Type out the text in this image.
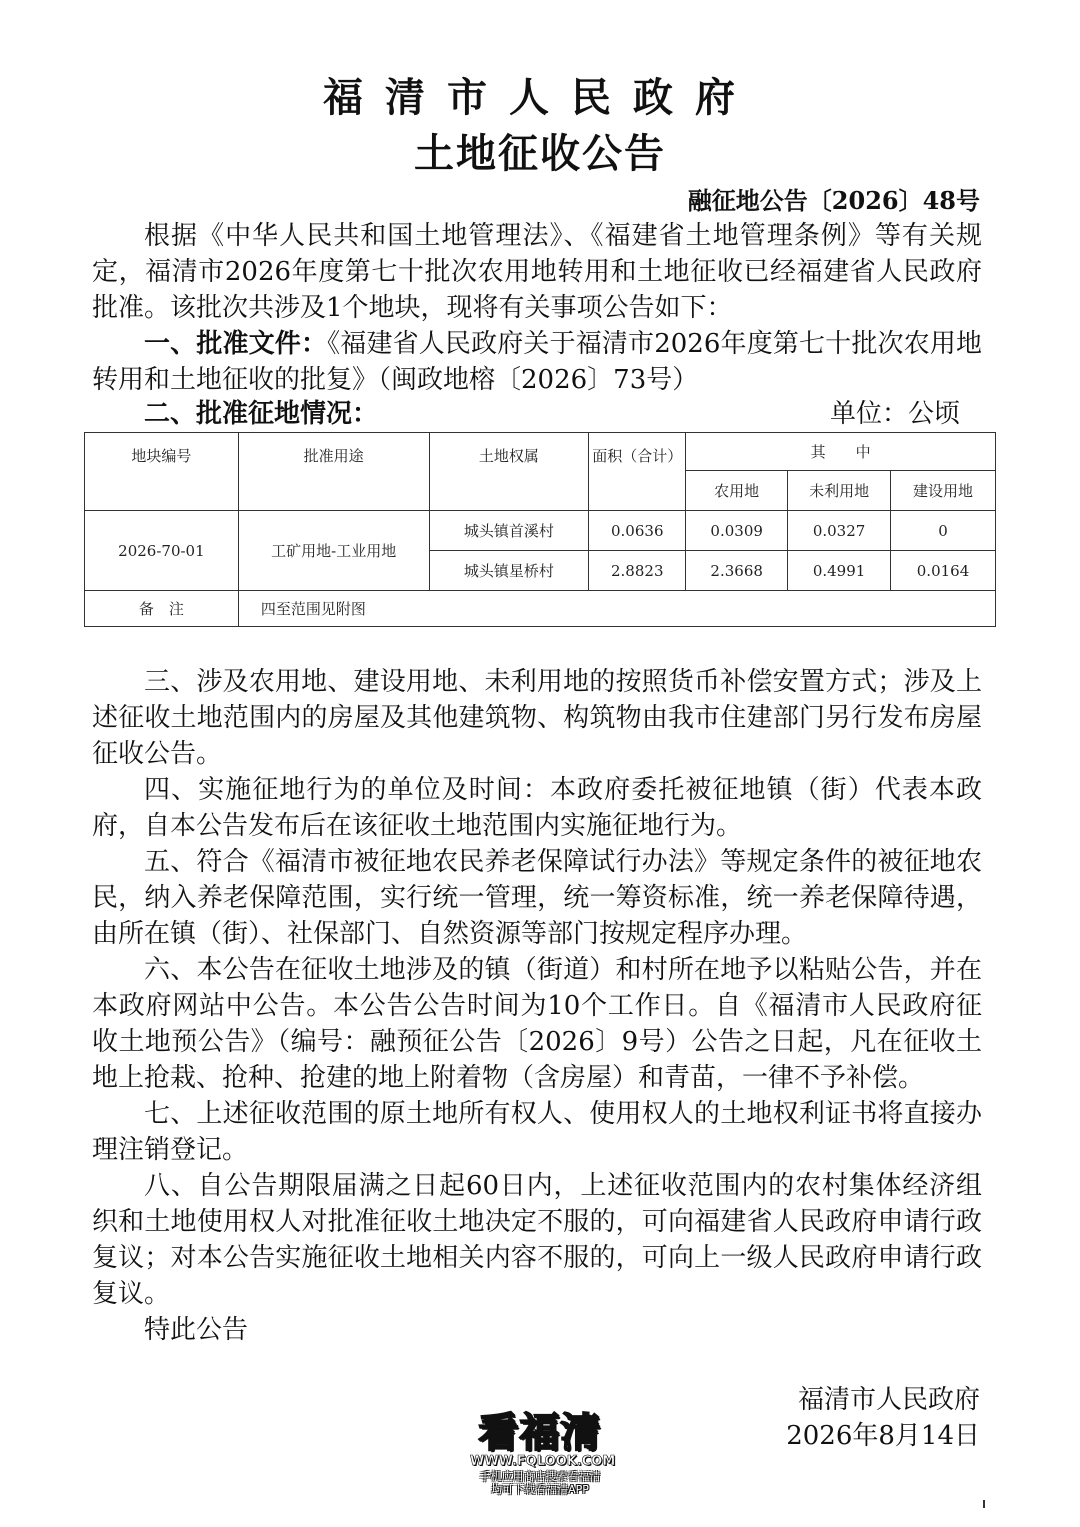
福清市人民政府
土地征收公告
融征地公告〔2026〕48号

根据《中华人民共和国土地管理法》、《福建省土地管理条例》等有关规定，福清市2026年度第七十批次农用地转用和土地征收已经福建省人民政府批准。该批次共涉及1个地块，现将有关事项公告如下：

一、批准文件：《福建省人民政府关于福清市2026年度第七十批次农用地转用和土地征收的批复》（闽政地榕〔2026〕73号）

二、批准征地情况：	单位：公顷
地块编号	批准用途	土地权属	面积（合计）	其　　中		
				农用地	未利用地	建设用地
2026-70-01	工矿用地-工业用地	城头镇首溪村	0.0636	0.0309	0.0327	0
		城头镇星桥村	2.8823	2.3668	0.4991	0.0164
备　注	四至范围见附图					

三、涉及农用地、建设用地、未利用地的按照货币补偿安置方式；涉及上述征收土地范围内的房屋及其他建筑物、构筑物由我市住建部门另行发布房屋征收公告。

四、实施征地行为的单位及时间：本政府委托被征地镇（街）代表本政府，自本公告发布后在该征收土地范围内实施征地行为。

五、符合《福清市被征地农民养老保障试行办法》等规定条件的被征地农民，纳入养老保障范围，实行统一管理，统一筹资标准，统一养老保障待遇，由所在镇（街）、社保部门、自然资源等部门按规定程序办理。

六、本公告在征收土地涉及的镇（街道）和村所在地予以粘贴公告，并在本政府网站中公告。本公告公告时间为10个工作日。自《福清市人民政府征收土地预公告》（编号：融预征公告〔2026〕9号）公告之日起，凡在征收土地上抢栽、抢种、抢建的地上附着物（含房屋）和青苗，一律不予补偿。

七、上述征收范围的原土地所有权人、使用权人的土地权利证书将直接办理注销登记。

八、自公告期限届满之日起60日内，上述征收范围内的农村集体经济组织和土地使用权人对批准征收土地决定不服的，可向福建省人民政府申请行政复议；对本公告实施征收土地相关内容不服的，可向上一级人民政府申请行政复议。

特此公告

福清市人民政府
2026年8月14日
看福清
WWW.FQLOOK.COM
手机应用商店搜索看福清
均可下载看福清APP
